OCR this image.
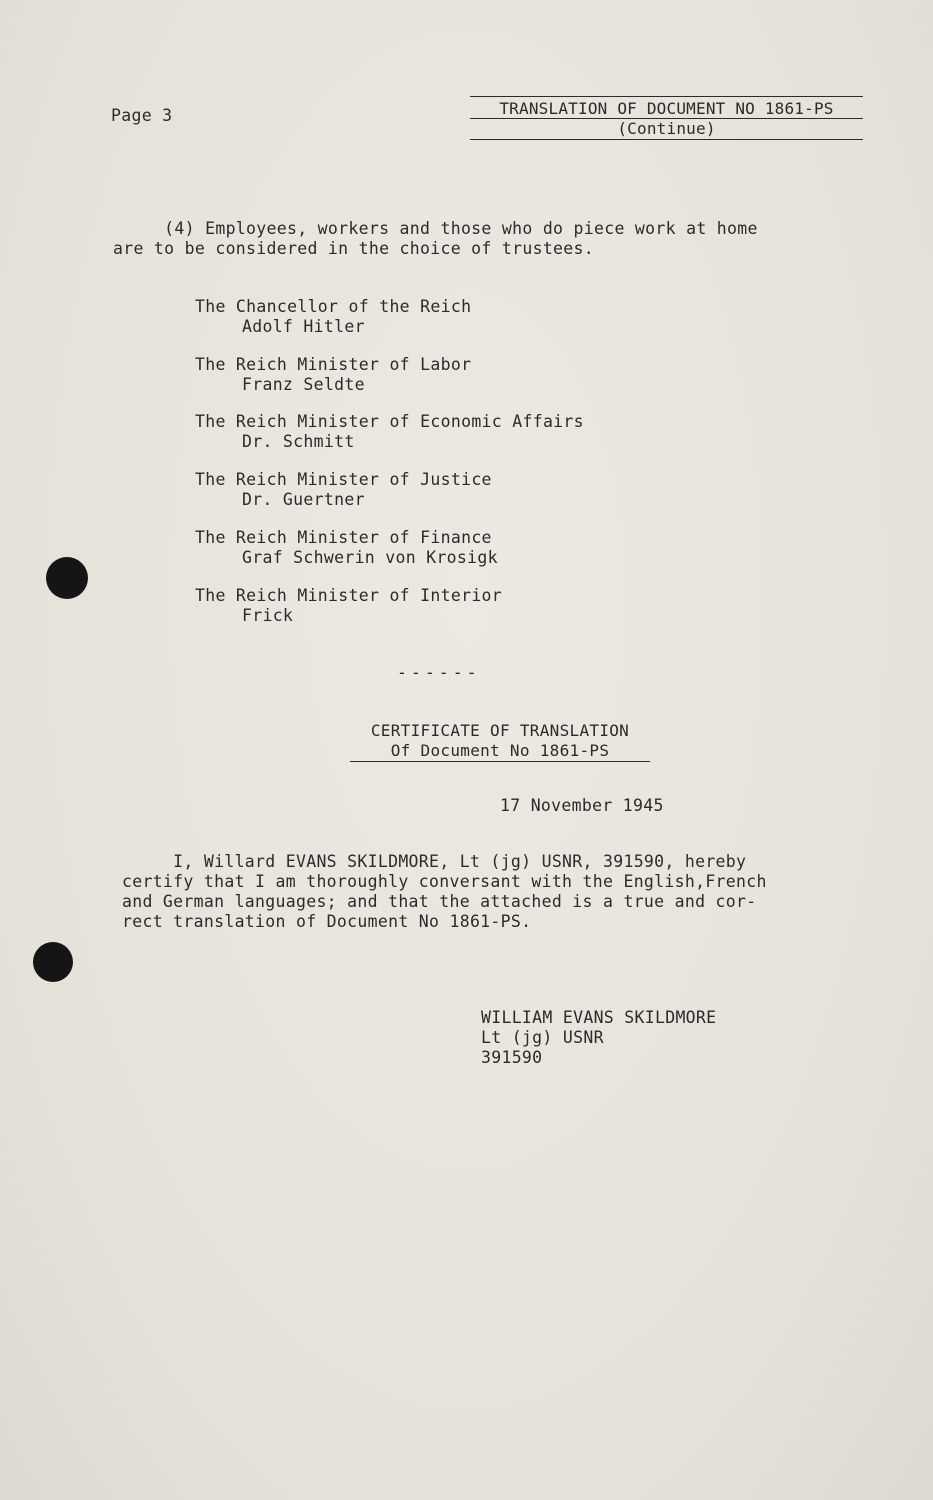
Page 3	TRANSLATION OF DOCUMENT NO 1861-PS
(Continue)
(4) Employees, workers and those who do piece work at home
are to be considered in the choice of trustees.
The Chancellor of the Reich
Adolf Hitler
The Reich Minister of Labor
Franz Seldte
The Reich Minister of Economic Affairs
Dr. Schmitt
The Reich Minister of Justice
Dr. Guertner
The Reich Minister of Finance
Graf Schwerin von Krosigk
The Reich Minister of Interior
Frick
------
CERTIFICATE OF TRANSLATION
Of Document No 1861-PS
17 November 1945
I, Willard EVANS SKILDMORE, Lt (jg) USNR, 391590, hereby
certify that I am thoroughly conversant with the English,French
and German languages; and that the attached is a true and cor-
rect translation of Document No 1861-PS.
WILLIAM EVANS SKILDMORE
Lt (jg) USNR
391590
